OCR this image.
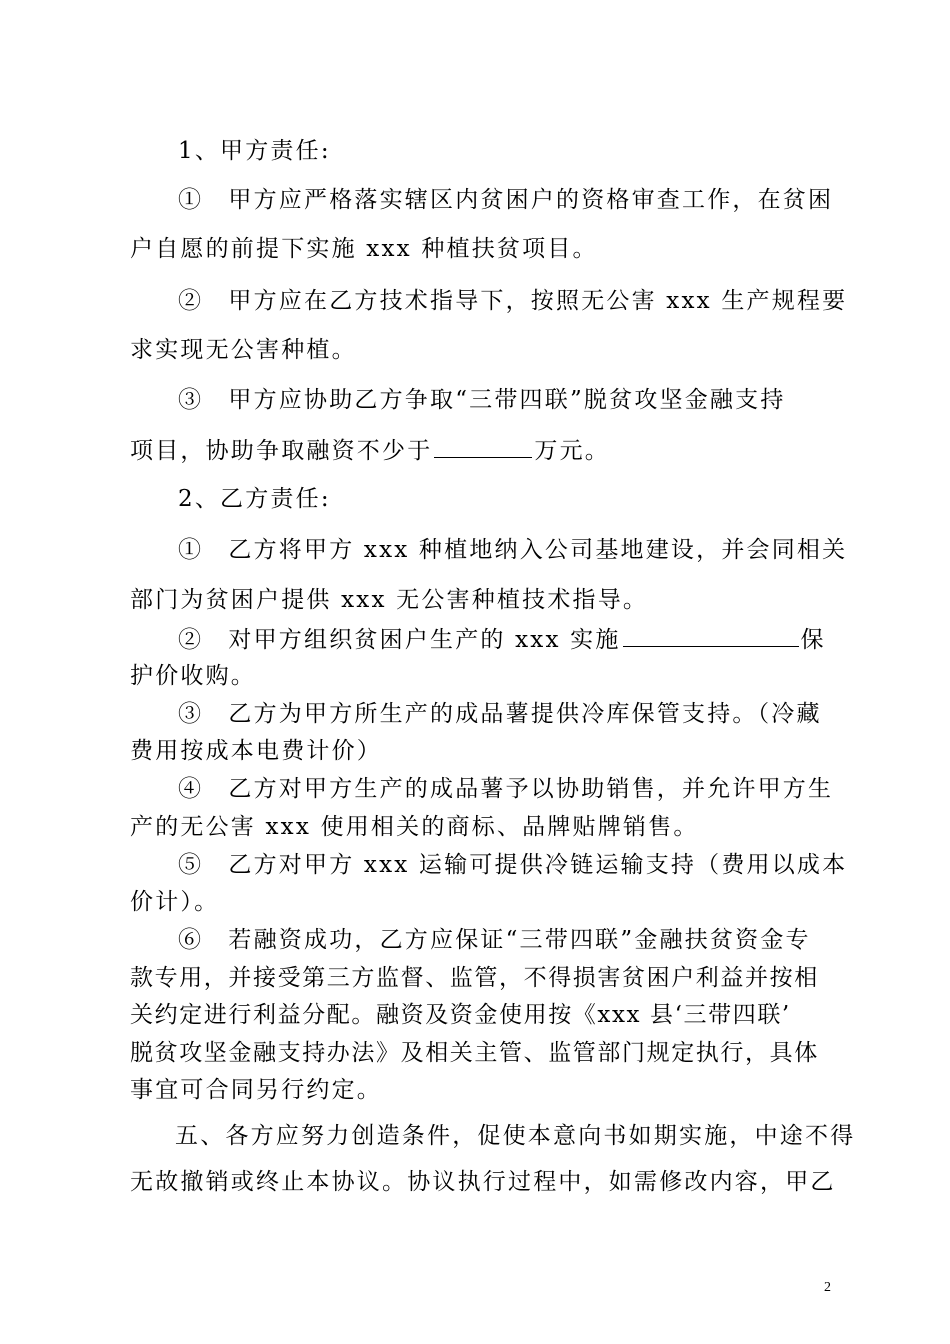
1、甲方责任:
①　甲方应严格落实辖区内贫困户的资格审查工作，在贫困
户自愿的前提下实施 xxx 种植扶贫项目。
②　甲方应在乙方技术指导下，按照无公害 xxx 生产规程要
求实现无公害种植。
③　甲方应协助乙方争取“三带四联”脱贫攻坚金融支持
项目，协助争取融资不少于	万元。
2、乙方责任:
①　乙方将甲方 xxx 种植地纳入公司基地建设，并会同相关
部门为贫困户提供 xxx 无公害种植技术指导。
②　对甲方组织贫困户生产的 xxx 实施	保
护价收购。
③　乙方为甲方所生产的成品薯提供冷库保管支持。（冷藏
费用按成本电费计价）
④　乙方对甲方生产的成品薯予以协助销售，并允许甲方生
产的无公害 xxx 使用相关的商标、品牌贴牌销售。
⑤　乙方对甲方 xxx 运输可提供冷链运输支持（费用以成本
价计）。
⑥　若融资成功，乙方应保证“三带四联”金融扶贫资金专
款专用，并接受第三方监督、监管，不得损害贫困户利益并按相
关约定进行利益分配。融资及资金使用按《xxx 县‘三带四联’
脱贫攻坚金融支持办法》及相关主管、监管部门规定执行，具体
事宜可合同另行约定。
五、各方应努力创造条件，促使本意向书如期实施，中途不得
无故撤销或终止本协议。协议执行过程中，如需修改内容，甲乙
2
